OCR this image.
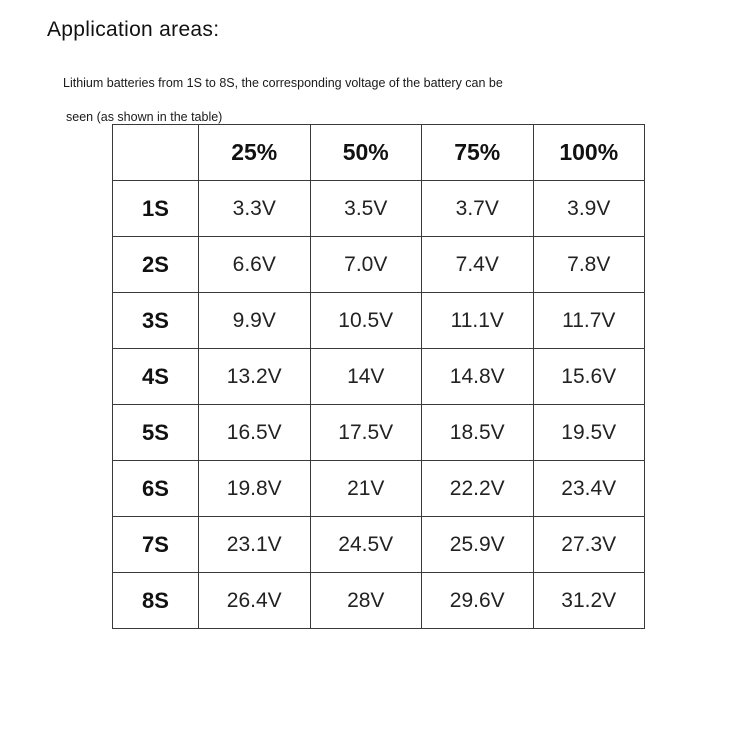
Application areas:
Lithium batteries from 1S to 8S, the corresponding voltage of the battery can be
seen (as shown in the table)
	25%	50%	75%	100%
1S	3.3V	3.5V	3.7V	3.9V
2S	6.6V	7.0V	7.4V	7.8V
3S	9.9V	10.5V	11.1V	11.7V
4S	13.2V	14V	14.8V	15.6V
5S	16.5V	17.5V	18.5V	19.5V
6S	19.8V	21V	22.2V	23.4V
7S	23.1V	24.5V	25.9V	27.3V
8S	26.4V	28V	29.6V	31.2V
